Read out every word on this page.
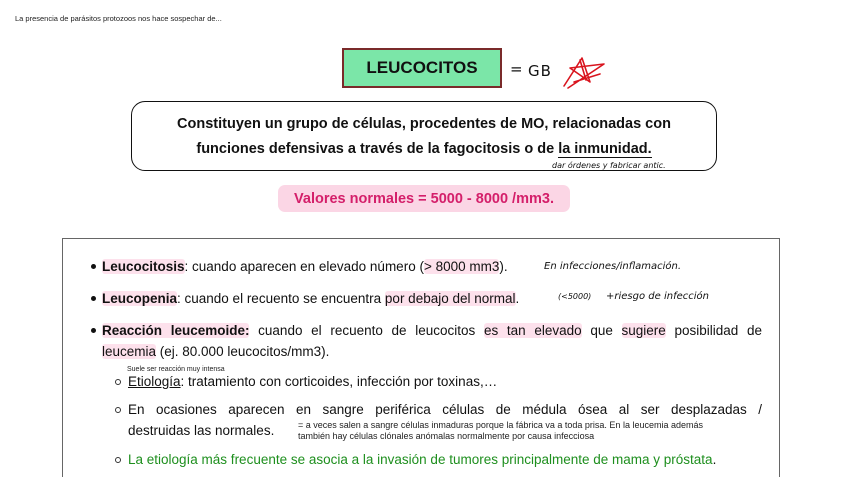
La presencia de parásitos protozoos nos hace sospechar de...
LEUCOCITOS = GB
Constituyen un grupo de células, procedentes de MO, relacionadas con
funciones defensivas a través de la fagocitosis o de la inmunidad.
dar órdenes y fabricar antic.
Valores normales = 5000 - 8000 /mm3.
Leucocitosis: cuando aparecen en elevado número (> 8000 mm3).	En infecciones/inflamación.
Leucopenia: cuando el recuento se encuentra por debajo del normal.	(<5000) +riesgo de infección
Reacción leucemoide: cuando el recuento de leucocitos es tan elevado que sugiere posibilidad de
leucemia (ej. 80.000 leucocitos/mm3).
Suele ser reacción muy intensa
Etiología: tratamiento con corticoides, infección por toxinas,…
En ocasiones aparecen en sangre periférica células de médula ósea al ser desplazadas /
destruidas las normales.	= a veces salen a sangre células inmaduras porque la fábrica va a toda prisa. En la leucemia además
también hay células clónales anómalas normalmente por causa infecciosa
La etiología más frecuente se asocia a la invasión de tumores principalmente de mama y próstata.
